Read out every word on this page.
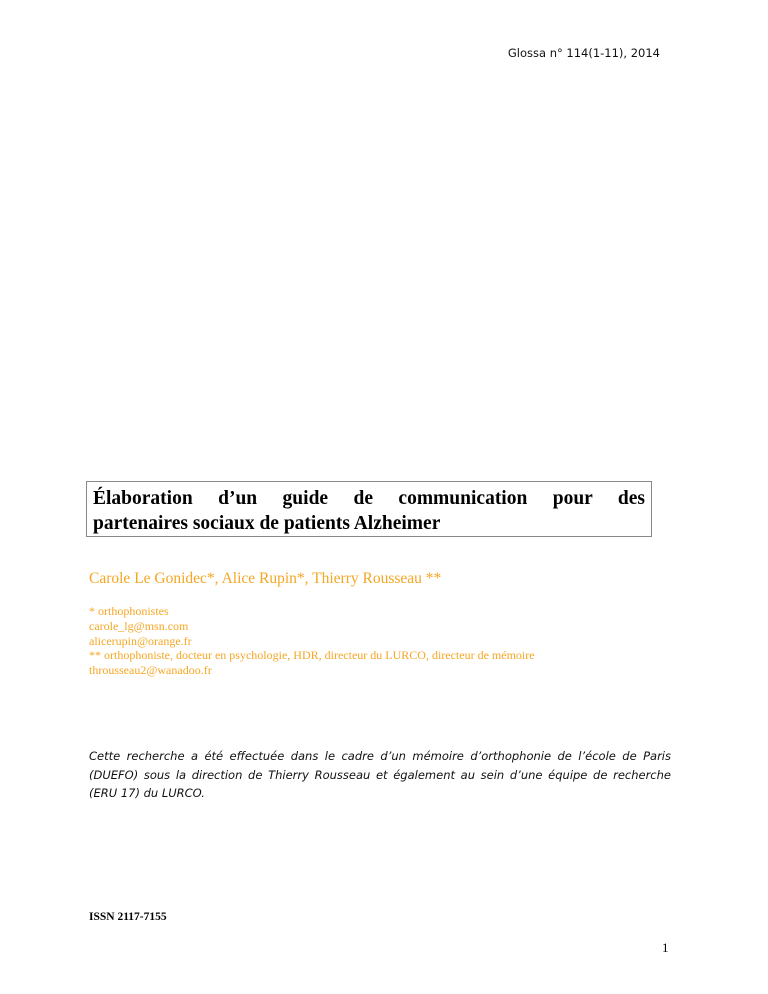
Glossa n° 114(1-11), 2014

Élaboration d’un guide de communication pour des

partenaires sociaux de patients Alzheimer

Carole Le Gonidec*, Alice Rupin*, Thierry Rousseau **
* orthophonistes
carole_lg@msn.com
alicerupin@orange.fr
** orthophoniste, docteur en psychologie, HDR, directeur du LURCO, directeur de mémoire
throusseau2@wanadoo.fr
Cette recherche a été effectuée dans le cadre d’un mémoire d’orthophonie de l’école de Paris (DUEFO) sous la direction de Thierry Rousseau et également au sein d’une équipe de recherche (ERU 17) du LURCO.
ISSN 2117-7155
1
